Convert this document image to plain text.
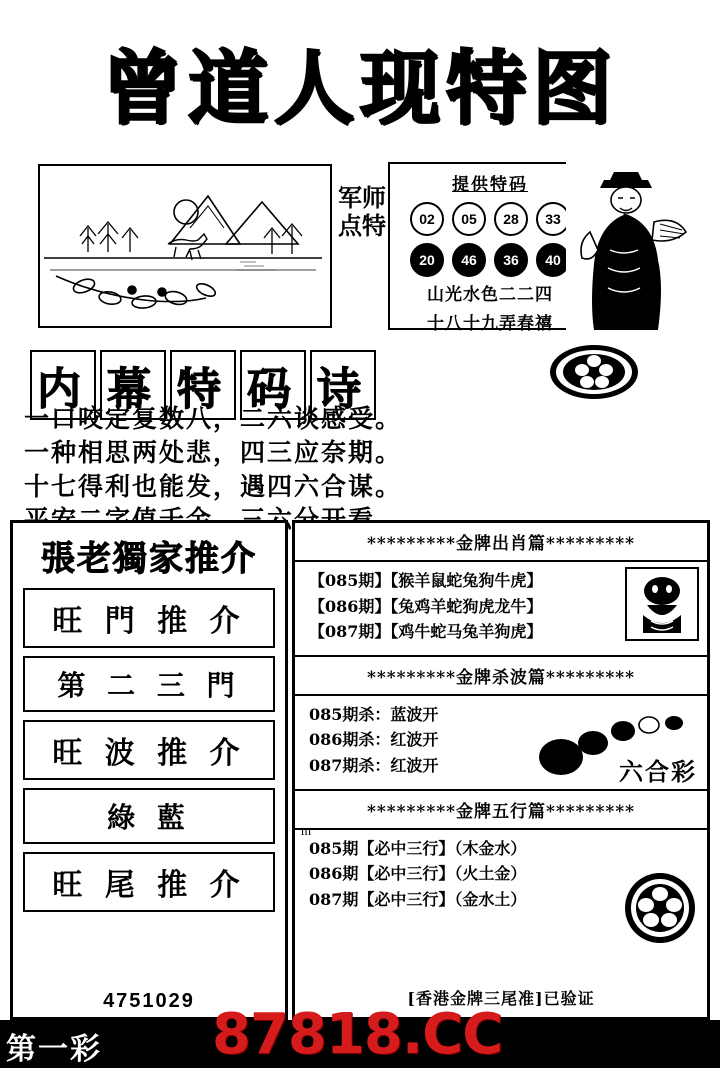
曾道人现特图
军师点特
提供特码
02	05	28	33
20	46	36	40
山光水色二二四
十八十九弄春禧
内 幕 特 码 诗
一口咬定复数八，二六谈感受。
一种相思两处悲，四三应奈期。
十七得利也能发，遇四六合谋。
張老獨家推介
旺 門 推 介
第 二 三 門
旺 波 推 介
綠 藍
旺 尾 推 介
4751029
*********金牌出肖篇*********
【085期】【猴羊鼠蛇兔狗牛虎】
【086期】【兔鸡羊蛇狗虎龙牛】
【087期】【鸡牛蛇马兔羊狗虎】
*********金牌杀波篇*********
085期杀：蓝波开
086期杀：红波开
087期杀：红波开	六合彩
m
*********金牌五行篇*********
085期【必中三行】（木金水）
086期【必中三行】（火土金）
087期【必中三行】（金水土）
[香港金牌三尾准]已验证
第一彩 87818.CC
